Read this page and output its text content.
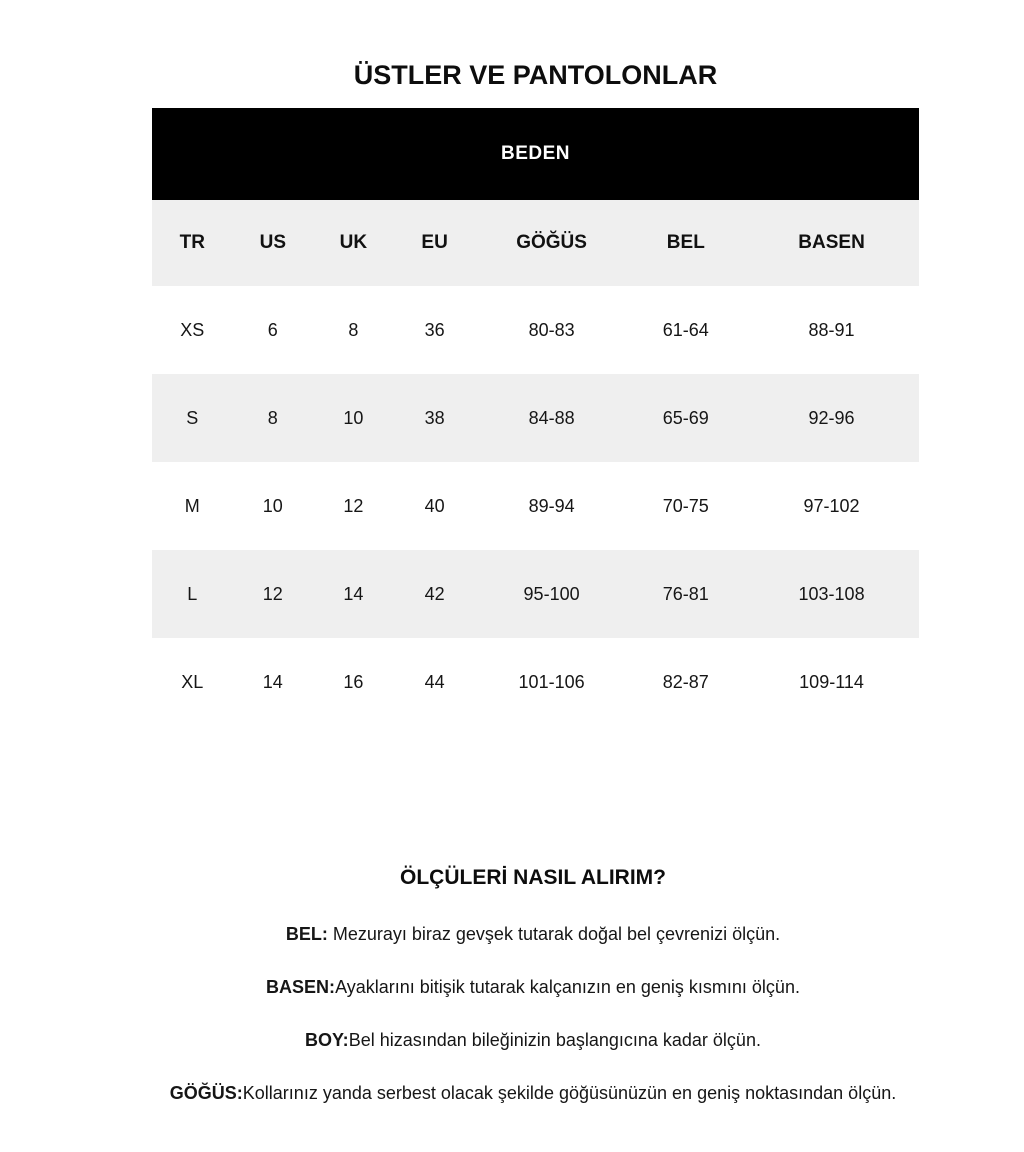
ÜSTLER VE PANTOLONLAR
BEDEN						
TR	US	UK	EU	GÖĞÜS	BEL	BASEN
XS	6	8	36	80-83	61-64	88-91
S	8	10	38	84-88	65-69	92-96
M	10	12	40	89-94	70-75	97-102
L	12	14	42	95-100	76-81	103-108
XL	14	16	44	101-106	82-87	109-114
ÖLÇÜLERİ NASIL ALIRIM?

BEL: Mezurayı biraz gevşek tutarak doğal bel çevrenizi ölçün.

BASEN:Ayaklarını bitişik tutarak kalçanızın en geniş kısmını ölçün.

BOY:Bel hizasından bileğinizin başlangıcına kadar ölçün.

GÖĞÜS:Kollarınız yanda serbest olacak şekilde göğüsünüzün en geniş noktasından ölçün.
